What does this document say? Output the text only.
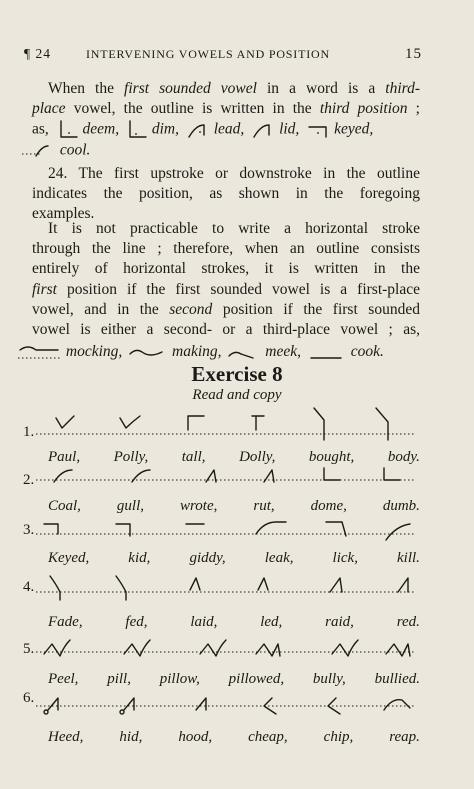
¶ 24	INTERVENING VOWELS AND POSITION	15
When the first sounded vowel in a word is a third-
place vowel, the outline is written in the third position ;
as, deem, dim, lead, lid, keyed,
cool.
24. The first upstroke or downstroke in the outline
indicates the position, as shown in the foregoing
examples.
It is not practicable to write a horizontal stroke
through the line ; therefore, when an outline consists
entirely of horizontal strokes, it is written in the
first position if the first sounded vowel is a first-place
vowel, and in the second position if the first sounded
vowel is either a second- or a third-place vowel ; as,
mocking,	making,	meek,	cook.
Exercise 8
Read and copy
1.
Paul, Polly, tall, Dolly, bought, body.
2.
Coal, gull, wrote, rut, dome, dumb.
3.
Keyed,	kid,	giddy,	leak,	lick,	kill.
4.
Fade,	fed,	laid,	led,	raid,	red.
5.
Peel, pill, pillow, pillowed, bully, bullied.
6.
Heed, hid, hood, cheap, chip, reap.
